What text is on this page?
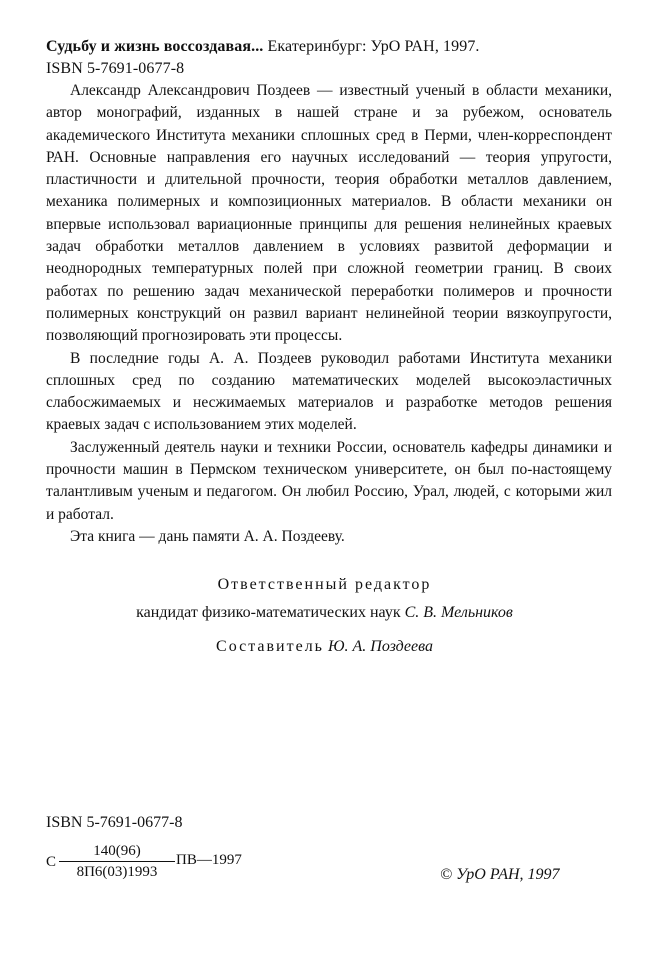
Судьбу и жизнь воссоздавая... Екатеринбург: УрО РАН, 1997.
ISBN 5-7691-0677-8

Александр Александрович Поздеев — известный ученый в области механики, автор монографий, изданных в нашей стране и за рубежом, основатель академического Института механики сплошных сред в Перми, член-корреспондент РАН. Основные направления его научных исследований — теория упругости, пластичности и длительной прочности, теория обработки металлов давлением, механика полимерных и композиционных материалов. В области механики он впервые использовал вариационные принципы для решения нелинейных краевых задач обработки металлов давлением в условиях развитой деформации и неоднородных температурных полей при сложной геометрии границ. В своих работах по решению задач механической переработки полимеров и прочности полимерных конструкций он развил вариант нелинейной теории вязкоупругости, позволяющий прогнозировать эти процессы.

В последние годы А. А. Поздеев руководил работами Института механики сплошных сред по созданию математических моделей высокоэластичных слабосжимаемых и несжимаемых материалов и разработке методов решения краевых задач с использованием этих моделей.

Заслуженный деятель науки и техники России, основатель кафедры динамики и прочности машин в Пермском техническом университете, он был по-настоящему талантливым ученым и педагогом. Он любил Россию, Урал, людей, с которыми жил и работал.

Эта книга — дань памяти А. А. Поздееву.

Ответственный редактор
кандидат физико-математических наук С. В. Мельников
Составитель Ю. А. Поздеева
ISBN 5-7691-0677-8
С
140(96)
8П6(03)1993
ПВ—1997
© УрО РАН, 1997
